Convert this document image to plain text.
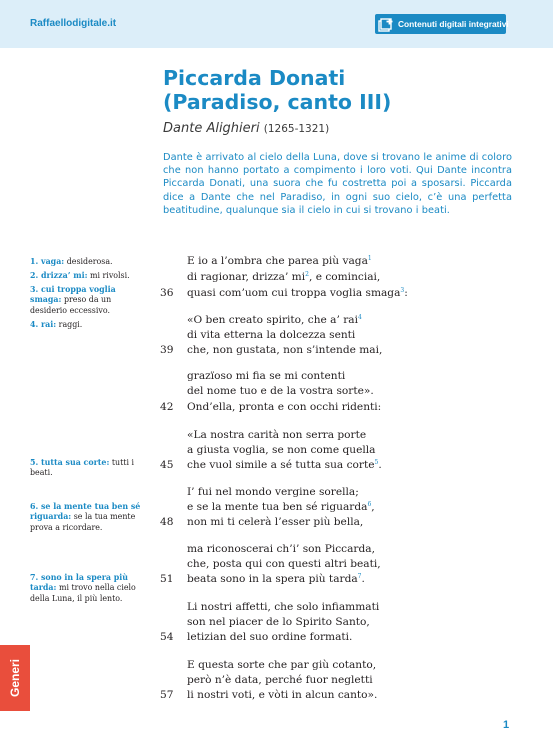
Raffaellodigitale.it	Contenuti digitali integrativi
Piccarda Donati
(Paradiso, canto III)
Dante Alighieri (1265-1321)

Dante è arrivato al cielo della Luna, dove si trovano le anime di coloro che non hanno portato a compimento i loro voti. Qui Dante incontra Piccarda Donati, una suora che fu costretta poi a sposarsi. Piccarda dice a Dante che nel Paradiso, in ogni suo cielo, c’è una perfetta beatitudine, qualunque sia il cielo in cui si trovano i beati.

1. vaga: desiderosa.
2. drizza’ mi: mi rivolsi.
3. cui troppa voglia smaga: preso da un desiderio eccessivo.
4. rai: raggi.
5. tutta sua corte: tutti i beati.
6. se la mente tua ben sé riguarda: se la tua mente prova a ricordare.
7. sono in la spera più tarda: mi trovo nella cielo della Luna, il più lento.
E io a l’ombra che parea più vaga$^1$
di ragionar, drizza’ $mi^2$, e cominciai,
quasi com’uom cui troppa voglia smaga$^3$:
«O ben creato spirito, che a’ rai$^4$
di vita etterna la dolcezza senti
che, non gustata, non s’intende mai,
grazïoso mi fia se mi contenti
del nome tuo e de la vostra sorte».
Ond’ella, pronta e con occhi ridenti:
«La nostra carità non serra porte
a giusta voglia, se non come quella
che vuol simile a sé tutta sua corte$^5$.
I’ fui nel mondo vergine sorella;
e se la mente tua ben sé riguarda$^6$,
non mi ti celerà l’esser più bella,
ma riconoscerai ch’i’ son Piccarda,
che, posta qui con questi altri beati,
beata sono in la spera più tarda$^7$.
Li nostri affetti, che solo infiammati
son nel piacer de lo Spirito Santo,
letizian del suo ordine formati.
E questa sorte che par giù cotanto,
però n’è data, perché fuor negletti
li nostri voti, e vòti in alcun canto».
36
39
42
45
48
51
54
57
Generi
1
